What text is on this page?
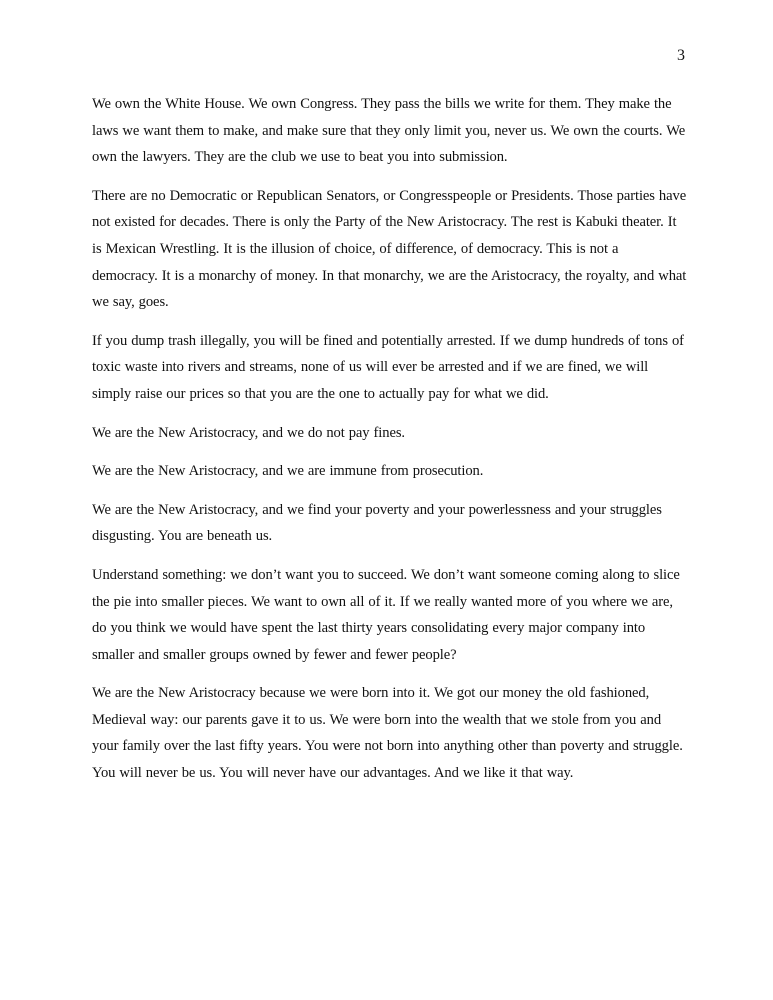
3

We own the White House. We own Congress. They pass the bills we write for them. They make the laws we want them to make, and make sure that they only limit you, never us. We own the courts. We own the lawyers. They are the club we use to beat you into submission.

There are no Democratic or Republican Senators, or Congresspeople or Presidents. Those parties have not existed for decades. There is only the Party of the New Aristocracy. The rest is Kabuki theater. It is Mexican Wrestling. It is the illusion of choice, of difference, of democracy. This is not a democracy. It is a monarchy of money. In that monarchy, we are the Aristocracy, the royalty, and what we say, goes.

If you dump trash illegally, you will be fined and potentially arrested. If we dump hundreds of tons of toxic waste into rivers and streams, none of us will ever be arrested and if we are fined, we will simply raise our prices so that you are the one to actually pay for what we did.

We are the New Aristocracy, and we do not pay fines.

We are the New Aristocracy, and we are immune from prosecution.

We are the New Aristocracy, and we find your poverty and your powerlessness and your struggles disgusting. You are beneath us.

Understand something: we don’t want you to succeed. We don’t want someone coming along to slice the pie into smaller pieces. We want to own all of it. If we really wanted more of you where we are, do you think we would have spent the last thirty years consolidating every major company into smaller and smaller groups owned by fewer and fewer people?

We are the New Aristocracy because we were born into it. We got our money the old fashioned, Medieval way: our parents gave it to us. We were born into the wealth that we stole from you and your family over the last fifty years. You were not born into anything other than poverty and struggle. You will never be us. You will never have our advantages. And we like it that way.
